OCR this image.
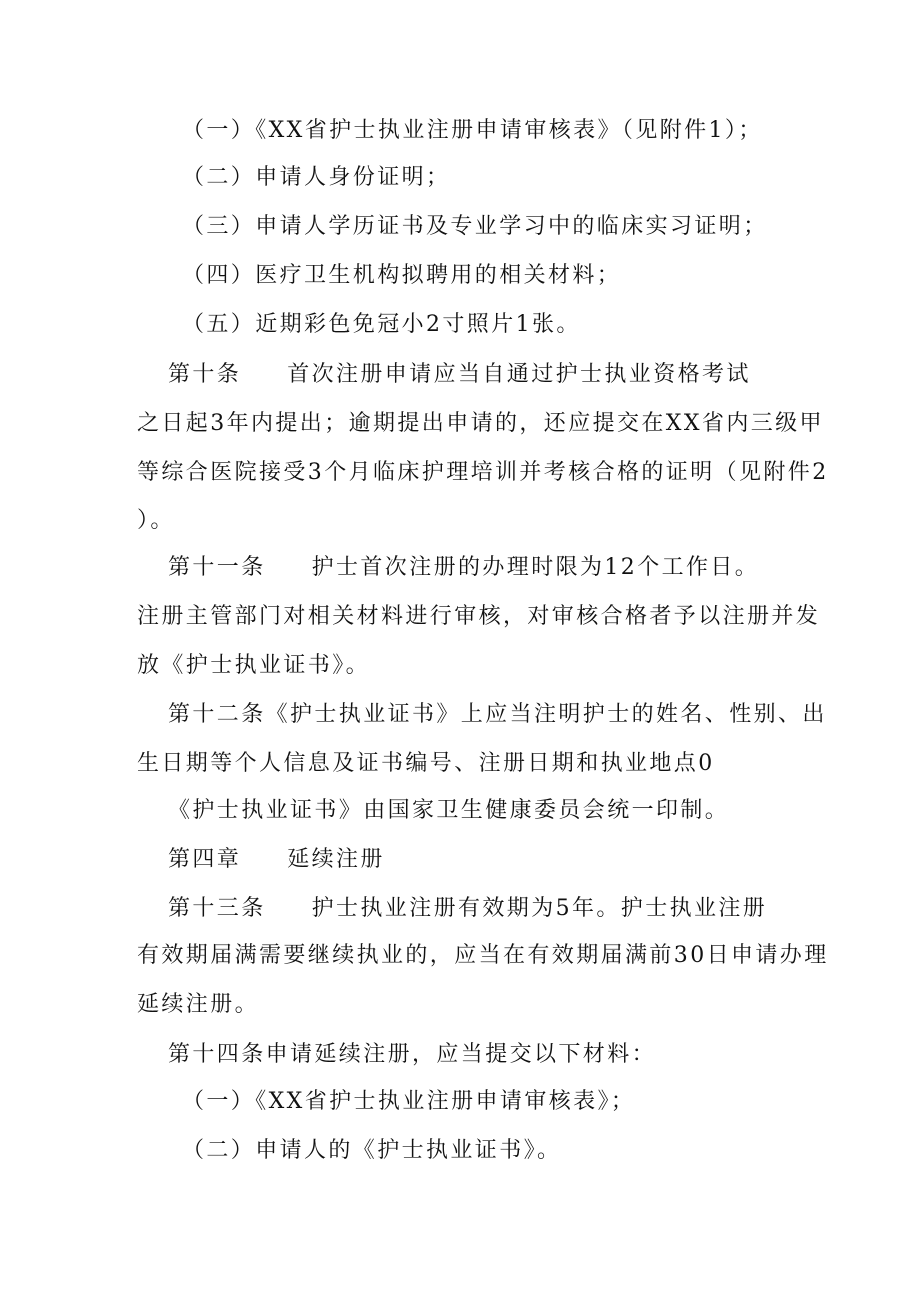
（一）《XX省护士执业注册申请审核表》（见附件1）；

（二）申请人身份证明；

（三）申请人学历证书及专业学习中的临床实习证明；

（四）医疗卫生机构拟聘用的相关材料；

（五）近期彩色免冠小2寸照片1张。

第十条 首次注册申请应当自通过护士执业资格考试

之日起3年内提出；逾期提出申请的，还应提交在XX省内三级甲

等综合医院接受3个月临床护理培训并考核合格的证明（见附件2

）。

第十一条 护士首次注册的办理时限为12个工作日。

注册主管部门对相关材料进行审核，对审核合格者予以注册并发

放《护士执业证书》。

第十二条《护士执业证书》上应当注明护士的姓名、性别、出

生日期等个人信息及证书编号、注册日期和执业地点0

《护士执业证书》由国家卫生健康委员会统一印制。

第四章 延续注册

第十三条 护士执业注册有效期为5年。护士执业注册

有效期届满需要继续执业的，应当在有效期届满前30日申请办理

延续注册。

第十四条申请延续注册，应当提交以下材料：

（一）《XX省护士执业注册申请审核表》；

（二）申请人的《护士执业证书》。
